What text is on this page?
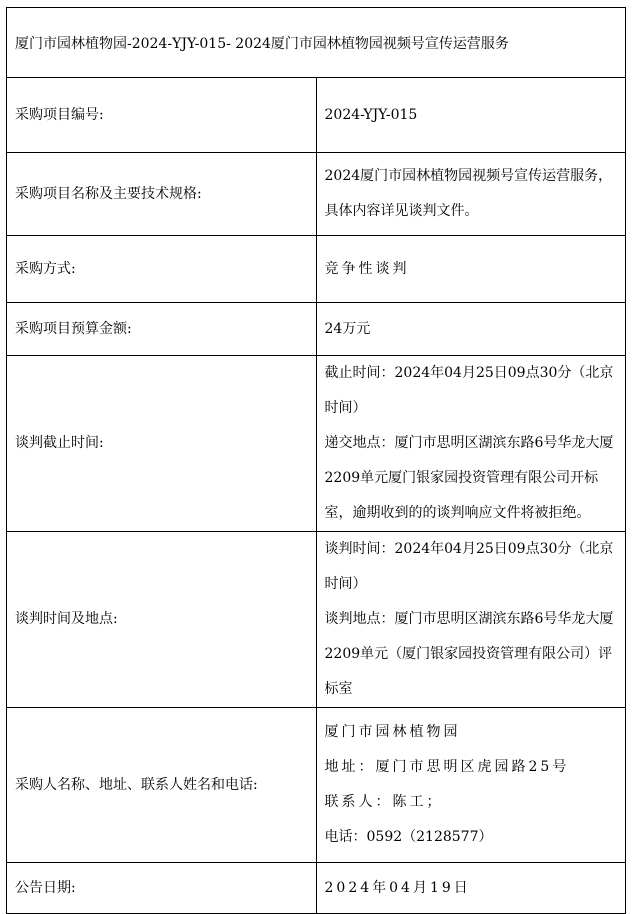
厦门市园林植物园-2024-YJY-015- 2024厦门市园林植物园视频号宣传运营服务	
采购项目编号:	2024-YJY-015

采购项目名称及主要技术规格:	2024厦门市园林植物园视频号宣传运营服务，具体内容详见谈判文件。

采购方式:	竞争性谈判

采购项目预算金额:	24万元

谈判截止时间:	截止时间：2024年04月25日09点30分（北京时间）
递交地点：厦门市思明区湖滨东路6号华龙大厦2209单元厦门银家园投资管理有限公司开标室，逾期收到的的谈判响应文件将被拒绝。

谈判时间及地点:	谈判时间：2024年04月25日09点30分（北京时间）
谈判地点：厦门市思明区湖滨东路6号华龙大厦2209单元（厦门银家园投资管理有限公司）评标室

采购人名称、地址、联系人姓名和电话:	厦门市园林植物园
地址：厦门市思明区虎园路25号
联系人：陈工；
电话：0592（2128577）

公告日期:	2024年04月19日
